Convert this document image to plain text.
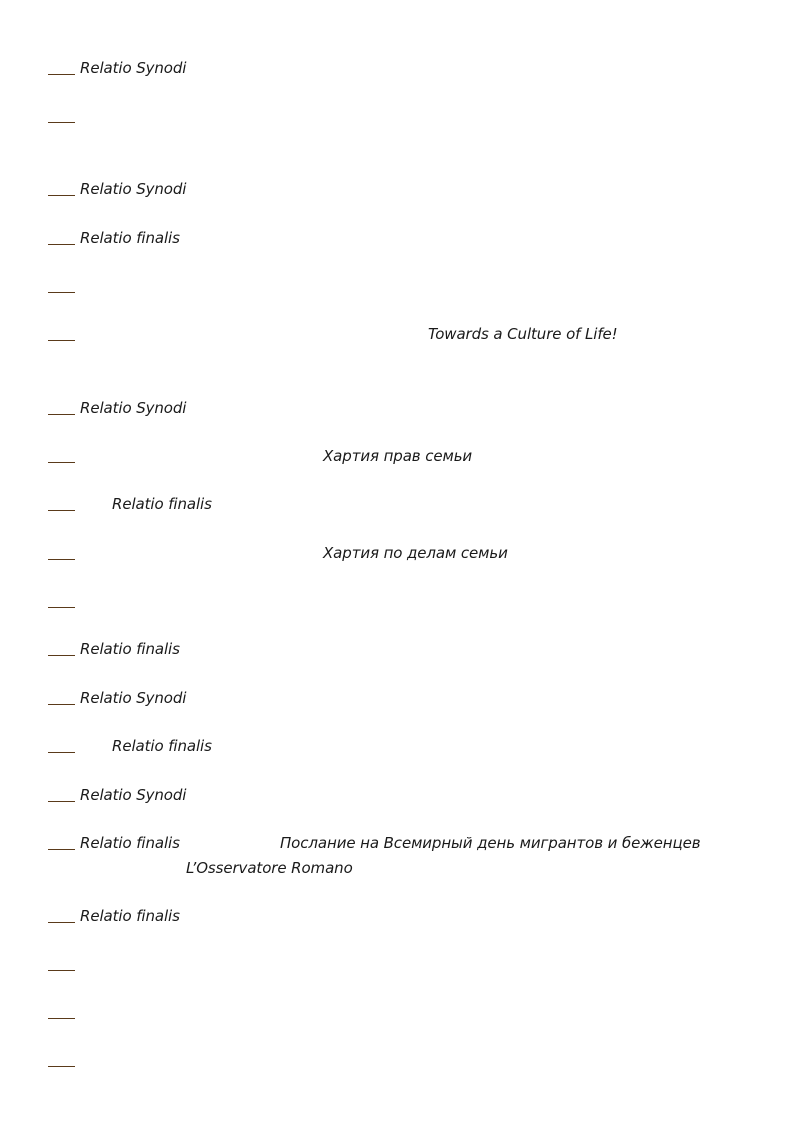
Relatio Synodi
Relatio Synodi
Relatio finalis
Towards a Culture of Life!
Relatio Synodi
Хартия прав семьи
Relatio finalis
Хартия по делам семьи
Relatio finalis
Relatio Synodi
Relatio finalis
Relatio Synodi
Relatio finalis	Послание на Всемирный день мигрантов и беженцев
L’Osservatore Romano
Relatio finalis
